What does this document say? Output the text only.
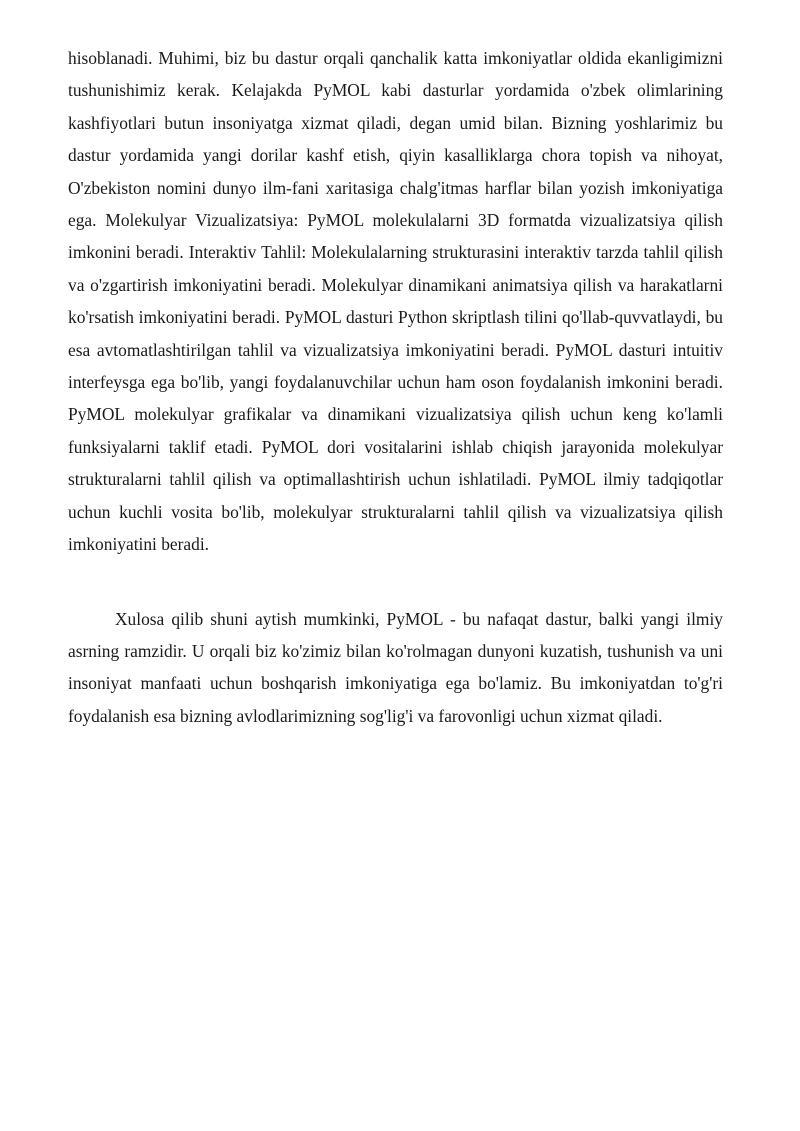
hisoblanadi. Muhimi, biz bu dastur orqali qanchalik katta imkoniyatlar oldida ekanligimizni tushunishimiz kerak. Kelajakda PyMOL kabi dasturlar yordamida o'zbek olimlarining kashfiyotlari butun insoniyatga xizmat qiladi, degan umid bilan. Bizning yoshlarimiz bu dastur yordamida yangi dorilar kashf etish, qiyin kasalliklarga chora topish va nihoyat, O'zbekiston nomini dunyo ilm-fani xaritasiga chalg'itmas harflar bilan yozish imkoniyatiga ega. Molekulyar Vizualizatsiya: PyMOL molekulalarni 3D formatda vizualizatsiya qilish imkonini beradi. Interaktiv Tahlil: Molekulalarning strukturasini interaktiv tarzda tahlil qilish va o'zgartirish imkoniyatini beradi. Molekulyar dinamikani animatsiya qilish va harakatlarni ko'rsatish imkoniyatini beradi. PyMOL dasturi Python skriptlash tilini qo'llab-quvvatlaydi, bu esa avtomatlashtirilgan tahlil va vizualizatsiya imkoniyatini beradi. PyMOL dasturi intuitiv interfeysga ega bo'lib, yangi foydalanuvchilar uchun ham oson foydalanish imkonini beradi. PyMOL molekulyar grafikalar va dinamikani vizualizatsiya qilish uchun keng ko'lamli funksiyalarni taklif etadi. PyMOL dori vositalarini ishlab chiqish jarayonida molekulyar strukturalarni tahlil qilish va optimallashtirish uchun ishlatiladi. PyMOL ilmiy tadqiqotlar uchun kuchli vosita bo'lib, molekulyar strukturalarni tahlil qilish va vizualizatsiya qilish imkoniyatini beradi.

Xulosa qilib shuni aytish mumkinki, PyMOL - bu nafaqat dastur, balki yangi ilmiy asrning ramzidir. U orqali biz ko'zimiz bilan ko'rolmagan dunyoni kuzatish, tushunish va uni insoniyat manfaati uchun boshqarish imkoniyatiga ega bo'lamiz. Bu imkoniyatdan to'g'ri foydalanish esa bizning avlodlarimizning sog'lig'i va farovonligi uchun xizmat qiladi.
